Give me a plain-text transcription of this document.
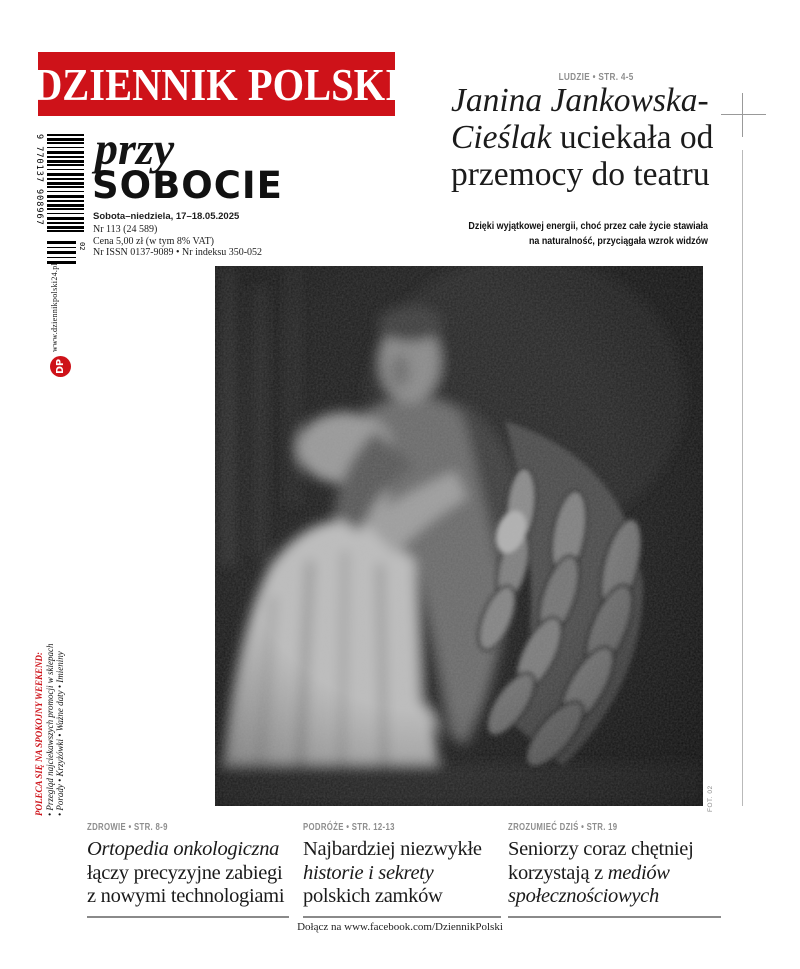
DZIENNIK POLSKI
9 770137 908967
02
przy
SOBOCIE
Sobota–niedziela, 17–18.05.2025
Nr 113 (24 589)
Cena 5,00 zł (w tym 8% VAT)
Nr ISSN 0137-9089 • Nr indeksu 350-052
LUDZIE • STR. 4-5
Janina Jankowska-
Cieślak uciekała od
przemocy do teatru
Dzięki wyjątkowej energii, choć przez całe życie stawiała
na naturalność, przyciągała wzrok widzów
www.dziennikpolski24.pl
DP
POLECA SIĘ NA SPOKOJNY WEEKEND: • Przegląd najciekawszych promocji w sklepach • Porady • Krzyżówki • Ważne daty • Imieniny	FOT. 02
ZDROWIE • STR. 8-9
Ortopedia onkologiczna
łączy precyzyjne zabiegi
z nowymi technologiami
PODRÓŻE • STR. 12-13
Najbardziej niezwykłe
historie i sekrety
polskich zamków
ZROZUMIEĆ DZIŚ • STR. 19
Seniorzy coraz chętniej
korzystają z mediów
społecznościowych
Dołącz na www.facebook.com/DziennikPolski
